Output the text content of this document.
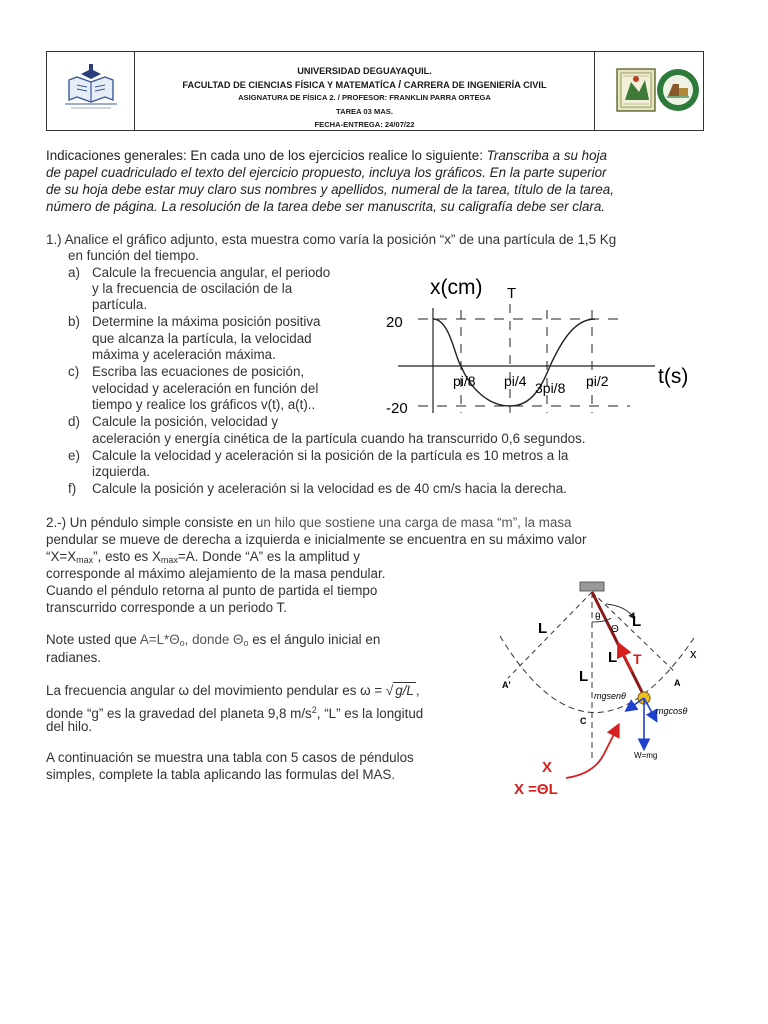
UNIVERSIDAD DEGUAYAQUIL.
FACULTAD DE CIENCIAS FÍSICA Y MATEMATÍCA / CARRERA DE INGENIERÍA CIVIL
ASIGNATURA DE FÍSICA 2. / PROFESOR: FRANKLIN PARRA ORTEGA
TAREA 03 MAS.
FECHA-ENTREGA: 24/07/22
Indicaciones generales: En cada uno de los ejercicios realice lo siguiente: Transcriba a su hoja
de papel cuadriculado el texto del ejercicio propuesto, incluya los gráficos. En la parte superior
de su hoja debe estar muy claro sus nombres y apellidos, numeral de la tarea, título de la tarea,
número de página. La resolución de la tarea debe ser manuscrita, su caligrafía debe ser clara.
1.) Analice el gráfico adjunto, esta muestra como varía la posición “x” de una partícula de 1,5 Kg
en función del tiempo.
a) Calcule la frecuencia angular, el periodo
y la frecuencia de oscilación de la
partícula.
b) Determine la máxima posición positiva
que alcanza la partícula, la velocidad
máxima y aceleración máxima.
c) Escriba las ecuaciones de posición,
velocidad y aceleración en función del
tiempo y realice los gráficos v(t), a(t)..
d) Calcule la posición, velocidad y
aceleración y energía cinética de la partícula cuando ha transcurrido 0,6 segundos.
e) Calcule la velocidad y aceleración si la posición de la partícula es 10 metros a la
izquierda.
f) Calcule la posición y aceleración si la velocidad es de 40 cm/s hacia la derecha.
x(cm) T
20
-20
t(s)
pi/8 pi/4 3pi/8 pi/2
2.-) Un péndulo simple consiste en un hilo que sostiene una carga de masa “m”, la masa
pendular se mueve de derecha a izquierda e inicialmente se encuentra en su máximo valor
“X=Xmax”, esto es Xmax=A. Donde “A” es la amplitud y
corresponde al máximo alejamiento de la masa pendular.
Cuando el péndulo retorna al punto de partida el tiempo
transcurrido corresponde a un periodo T.
Note usted que A=L*Θo, donde Θo es el ángulo inicial en
radianes.
La frecuencia angular ω del movimiento pendular es ω = √ g/L ,
donde “g” es la gravedad del planeta 9,8 $m/s^2$, “L” es la longitud
del hilo.
A continuación se muestra una tabla con 5 casos de péndulos
simples, complete la tabla aplicando las formulas del MAS.
L	L
L
L
T
θ
Θ
x
A'	A
C
mgsenθ
mgcosθ
W=mg
X
X =ΘL
